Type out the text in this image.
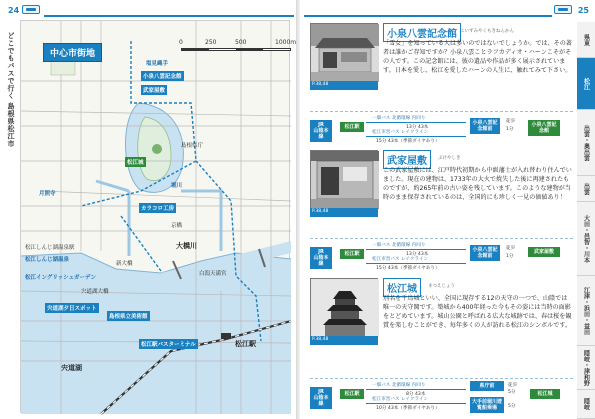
24
どこでもバスで行く 島根県松江市	中心市街地
0	250	500	1000m
月照寺
大橋川
新大橋
松江駅
宍道湖
松江城
カラコロ工房
島根県立美術館
松江イングリッシュガーデン
松江しんじ湖温泉
白潟天満宮
松江駅バスターミナル
宍道湖大橋
京橋
堀川
塩見縄手
松江しんじ湖温泉駅
宍道湖夕日スポット
島根県庁
小泉八雲記念館
武家屋敷
25
県東
松江
出雲・奥出雲
出雲
大田・邑智・川本
江津・浜田・益田
隠岐・津和野
隠岐
P.38,48
小泉八雲記念館 こいずみやくもきねんかん
「雪女」を知っている人は多いのではないでしょうか。では、その著者は誰かご存知ですか？小泉八雲ことラフカディオ・ハーンこそがその人です。この記念館には、彼の遺品や作品が多く展示されています。日本を愛し、松江を愛したハーンの人生に、触れてみて下さい。
JR
山陰本線
松江駅
一畑バス 北循環線 内回り
13分 43本
松江市営バス レイクライン
15分 43本（季節ダイヤあり）
小泉八雲記念館前
徒歩
1分
小泉八雲記念館
P.38,48
武家屋敷	ぶけやしき
この武家屋敷には、江戸時代初期から中級藩士が入れ替わり住んでいました。現在の建物は、1733年の大火で焼失した後に再建されたものですが、約265年前の古い姿を残しています。このような建物が当時のまま保存されているのは、全国的にも珍しく一見の価値あり！
JR
山陰本線
松江駅
一畑バス 北循環線 内回り
13分 43本
松江市営バス レイクライン
15分 43本（季節ダイヤあり）
小泉八雲記念館前
徒歩
1分
武家屋敷
P.38,48
松江城	まつえじょう
別名を千鳥城といい、全国に現存する12の天守の一つで、山陰では唯一の天守閣です。築城から400年経った今もその姿には当時の面影をとどめています。城山公園と呼ばれる広大な城跡では、春は桜を観賞を楽しむことができ、毎年多くの人が訪れる松江のシンボルです。
JR
山陰本線
松江駅
一畑バス 北循環線 内回り
8分 43本
松江市営バス レイクライン
10分 43本（季節ダイヤあり）
県庁前
大手前堀川遊覧船乗場
徒歩
5分
5分
松江城
